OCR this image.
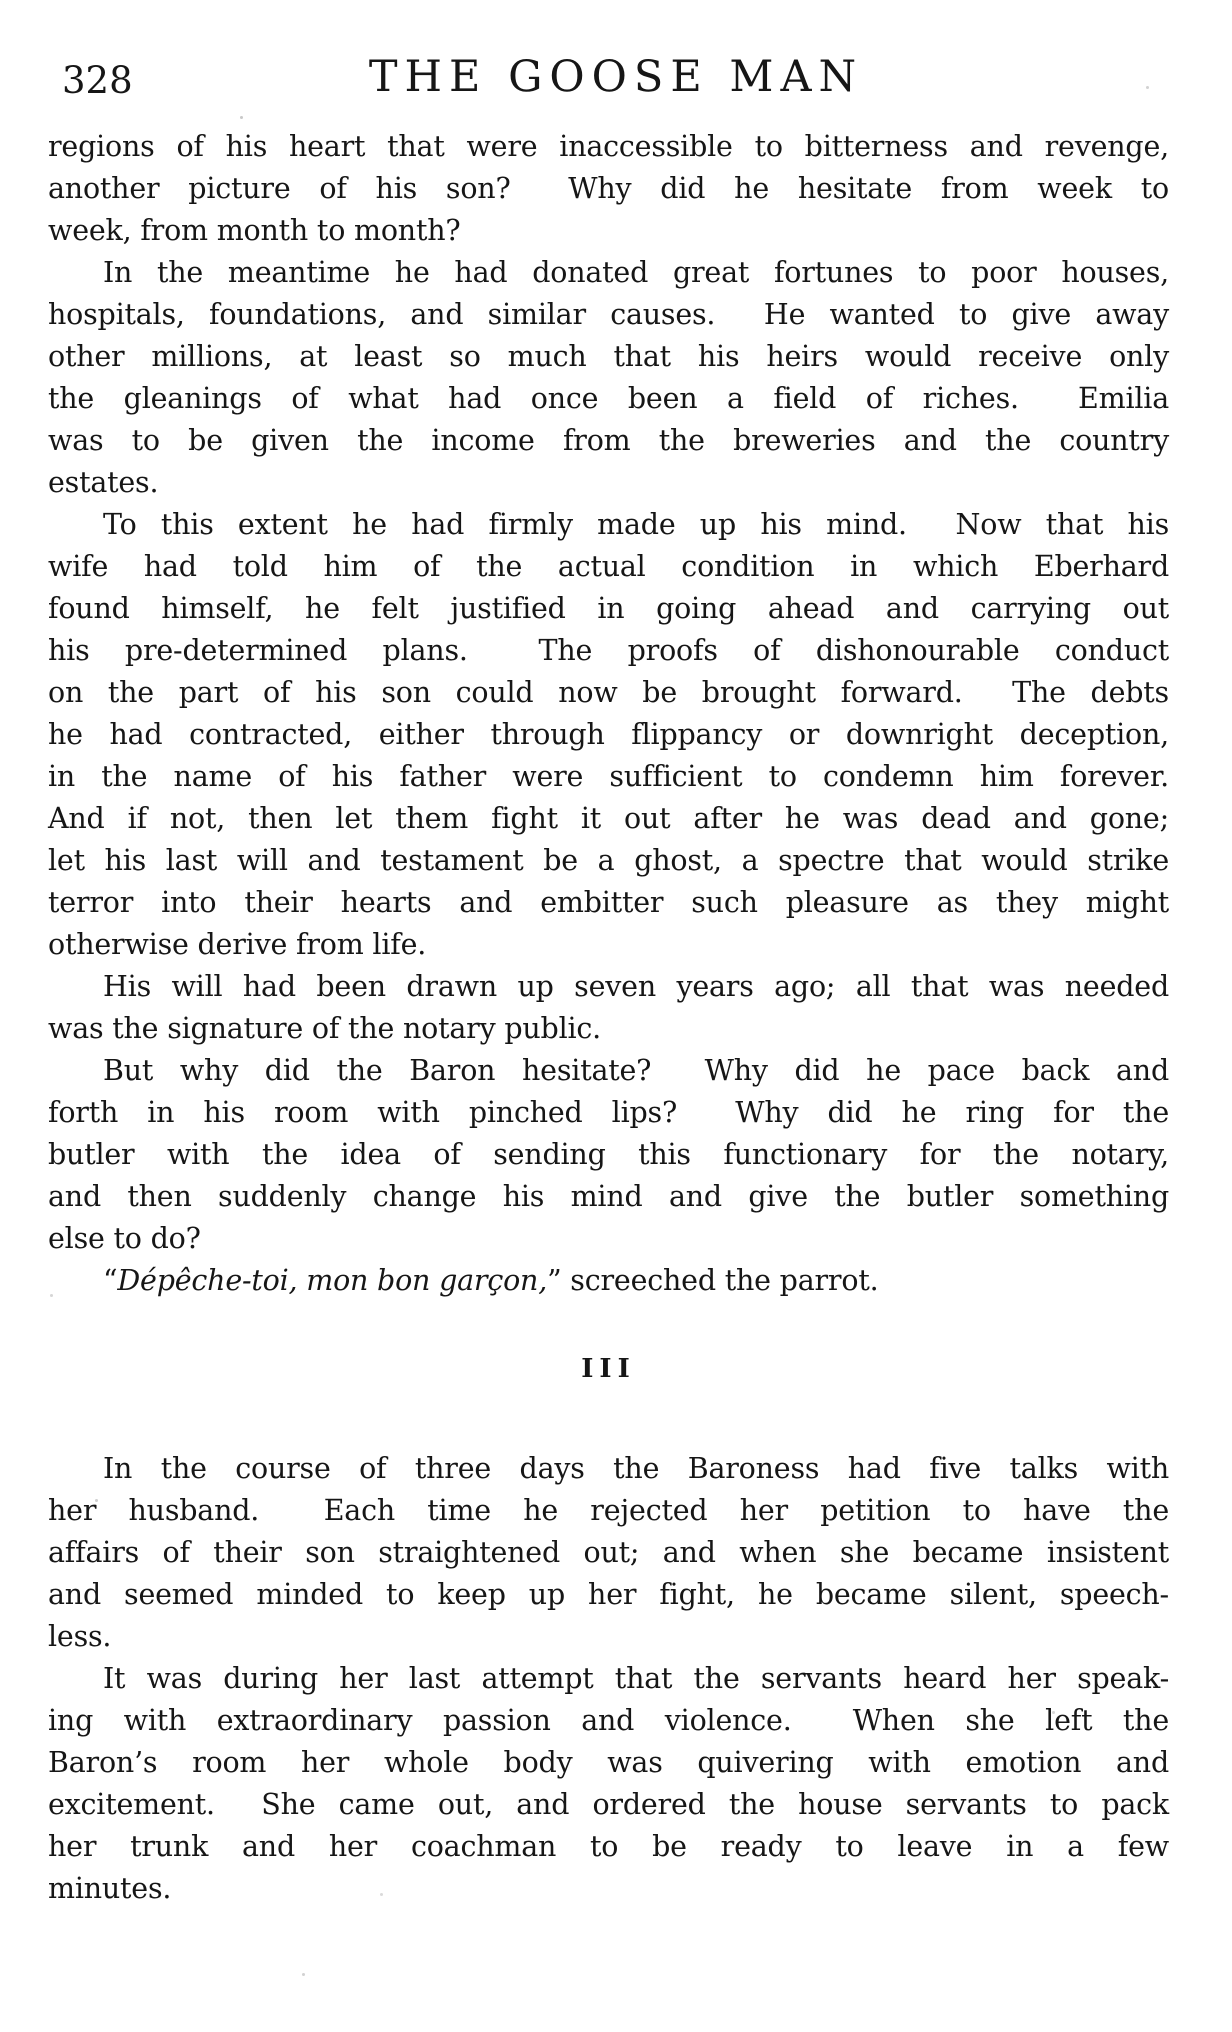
328	THE GOOSE MAN
regions of his heart that were inaccessible to bitterness and revenge,
another picture of his son?  Why did he hesitate from week to
week, from month to month?
In the meantime he had donated great fortunes to poor houses,
hospitals, foundations, and similar causes.  He wanted to give away
other millions, at least so much that his heirs would receive only
the gleanings of what had once been a field of riches.  Emilia
was to be given the income from the breweries and the country
estates.
To this extent he had firmly made up his mind.  Now that his
wife had told him of the actual condition in which Eberhard
found himself, he felt justified in going ahead and carrying out
his pre-determined plans.  The proofs of dishonourable conduct
on the part of his son could now be brought forward.  The debts
he had contracted, either through flippancy or downright deception,
in the name of his father were sufficient to condemn him forever.
And if not, then let them fight it out after he was dead and gone;
let his last will and testament be a ghost, a spectre that would strike
terror into their hearts and embitter such pleasure as they might
otherwise derive from life.
His will had been drawn up seven years ago; all that was needed
was the signature of the notary public.
But why did the Baron hesitate?  Why did he pace back and
forth in his room with pinched lips?  Why did he ring for the
butler with the idea of sending this functionary for the notary,
and then suddenly change his mind and give the butler something
else to do?
“Dépêche-toi, mon bon garçon,” screeched the parrot.
III
In the course of three days the Baroness had five talks with
her husband.  Each time he rejected her petition to have the
affairs of their son straightened out; and when she became insistent
and seemed minded to keep up her fight, he became silent, speech-
less.
It was during her last attempt that the servants heard her speak-
ing with extraordinary passion and violence.  When she left the
Baron’s room her whole body was quivering with emotion and
excitement.  She came out, and ordered the house servants to pack
her trunk and her coachman to be ready to leave in a few
minutes.
